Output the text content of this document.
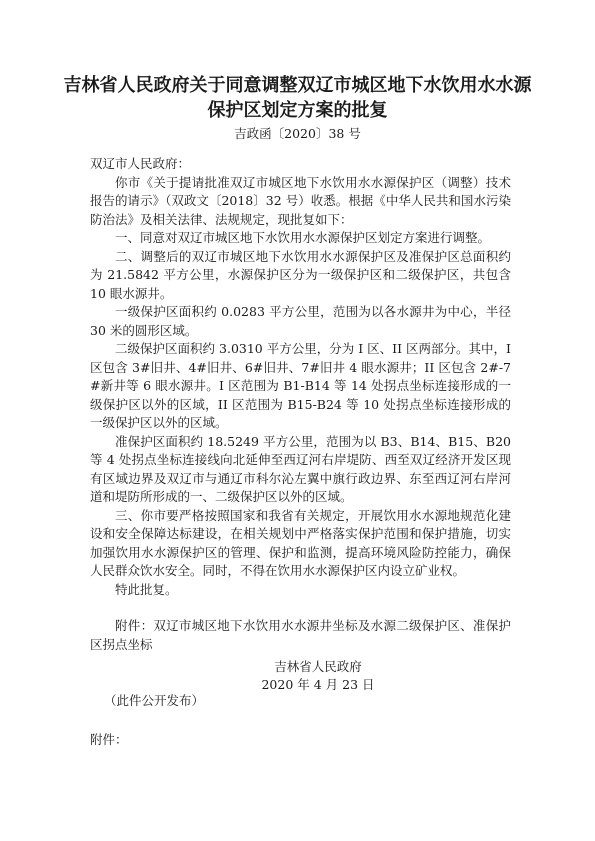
吉林省人民政府关于同意调整双辽市城区地下水饮用水水源保护区划定方案的批复

吉政函〔2020〕38 号

双辽市人民政府：

你市《关于提请批准双辽市城区地下水饮用水水源保护区（调整）技术报告的请示》（双政文〔2018〕32 号）收悉。根据《中华人民共和国水污染防治法》及相关法律、法规规定，现批复如下：

一、同意对双辽市城区地下水饮用水水源保护区划定方案进行调整。

二、调整后的双辽市城区地下水饮用水水源保护区及准保护区总面积约为 21.5842 平方公里，水源保护区分为一级保护区和二级保护区，共包含 10 眼水源井。

一级保护区面积约 0.0283 平方公里，范围为以各水源井为中心，半径 30 米的圆形区域。

二级保护区面积约 3.0310 平方公里，分为 I 区、II 区两部分。其中，I 区包含 3#旧井、4#旧井、6#旧井、7#旧井 4 眼水源井；II 区包含 2#-7#新井等 6 眼水源井。I 区范围为 B1-B14 等 14 处拐点坐标连接形成的一级保护区以外的区域，II 区范围为 B15-B24 等 10 处拐点坐标连接形成的一级保护区以外的区域。

准保护区面积约 18.5249 平方公里，范围为以 B3、B14、B15、B20 等 4 处拐点坐标连接线向北延伸至西辽河右岸堤防、西至双辽经济开发区现有区域边界及双辽市与通辽市科尔沁左翼中旗行政边界、东至西辽河右岸河道和堤防所形成的一、二级保护区以外的区域。

三、你市要严格按照国家和我省有关规定，开展饮用水水源地规范化建设和安全保障达标建设，在相关规划中严格落实保护范围和保护措施，切实加强饮用水水源保护区的管理、保护和监测，提高环境风险防控能力，确保人民群众饮水安全。同时，不得在饮用水水源保护区内设立矿业权。

特此批复。

附件：双辽市城区地下水饮用水水源井坐标及水源二级保护区、准保护区拐点坐标

吉林省人民政府

2020 年 4 月 23 日

（此件公开发布）

附件：
